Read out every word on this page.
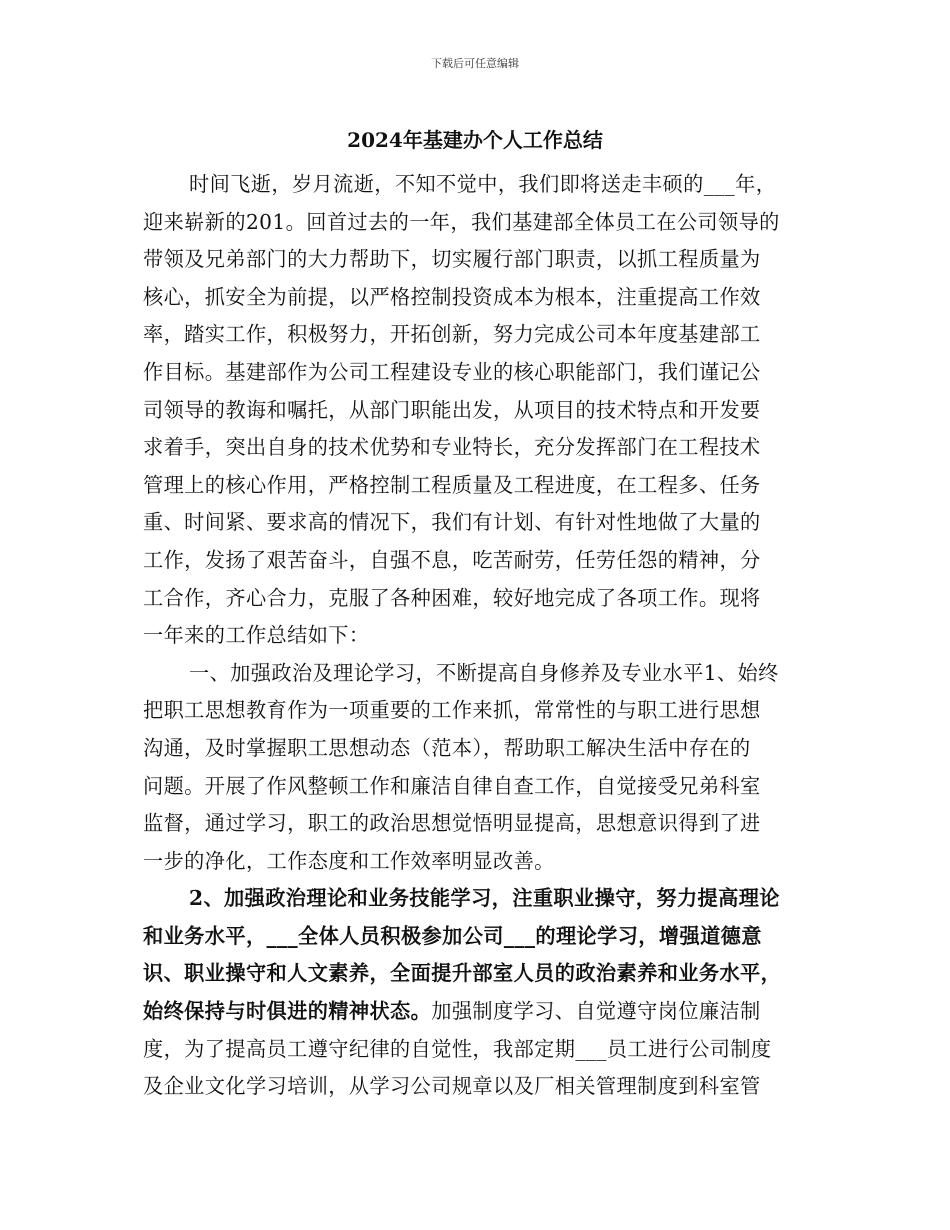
下载后可任意编辑
2024年基建办个人工作总结
时间飞逝，岁月流逝，不知不觉中，我们即将送走丰硕的___年，
迎来崭新的201。回首过去的一年，我们基建部全体员工在公司领导的
带领及兄弟部门的大力帮助下，切实履行部门职责，以抓工程质量为
核心，抓安全为前提，以严格控制投资成本为根本，注重提高工作效
率，踏实工作，积极努力，开拓创新，努力完成公司本年度基建部工
作目标。基建部作为公司工程建设专业的核心职能部门，我们谨记公
司领导的教诲和嘱托，从部门职能出发，从项目的技术特点和开发要
求着手，突出自身的技术优势和专业特长，充分发挥部门在工程技术
管理上的核心作用，严格控制工程质量及工程进度，在工程多、任务
重、时间紧、要求高的情况下，我们有计划、有针对性地做了大量的
工作，发扬了艰苦奋斗，自强不息，吃苦耐劳，任劳任怨的精神，分
工合作，齐心合力，克服了各种困难，较好地完成了各项工作。现将
一年来的工作总结如下：
一、加强政治及理论学习，不断提高自身修养及专业水平1、始终
把职工思想教育作为一项重要的工作来抓，常常性的与职工进行思想
沟通，及时掌握职工思想动态（范本），帮助职工解决生活中存在的
问题。开展了作风整顿工作和廉洁自律自查工作，自觉接受兄弟科室
监督，通过学习，职工的政治思想觉悟明显提高，思想意识得到了进
一步的净化，工作态度和工作效率明显改善。
2、加强政治理论和业务技能学习，注重职业操守，努力提高理论
和业务水平，___全体人员积极参加公司___的理论学习，增强道德意
识、职业操守和人文素养，全面提升部室人员的政治素养和业务水平，
始终保持与时俱进的精神状态。加强制度学习、自觉遵守岗位廉洁制
度，为了提高员工遵守纪律的自觉性，我部定期___员工进行公司制度
及企业文化学习培训，从学习公司规章以及厂相关管理制度到科室管
